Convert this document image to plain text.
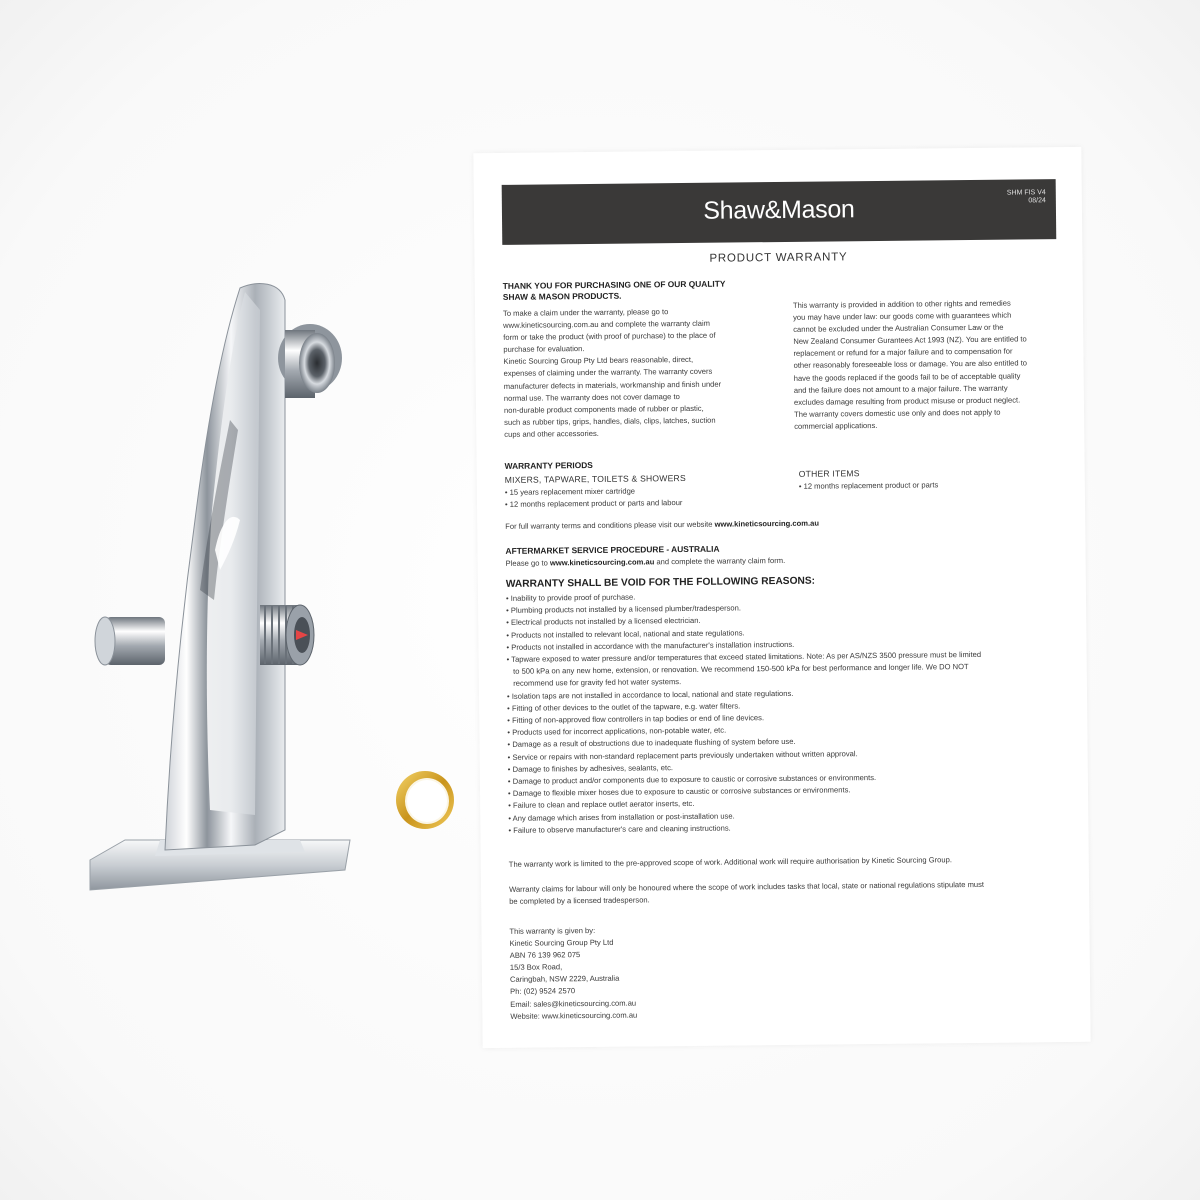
Shaw&Mason
SHM FIS V4
08/24
PRODUCT WARRANTY
THANK YOU FOR PURCHASING ONE OF OUR QUALITY
SHAW & MASON PRODUCTS.
To make a claim under the warranty, please go to
www.kineticsourcing.com.au and complete the warranty claim
form or take the product (with proof of purchase) to the place of
purchase for evaluation.
Kinetic Sourcing Group Pty Ltd bears reasonable, direct,
expenses of claiming under the warranty. The warranty covers
manufacturer defects in materials, workmanship and finish under
normal use. The warranty does not cover damage to
non-durable product components made of rubber or plastic,
such as rubber tips, grips, handles, dials, clips, latches, suction
cups and other accessories.
This warranty is provided in addition to other rights and remedies
you may have under law: our goods come with guarantees which
cannot be excluded under the Australian Consumer Law or the
New Zealand Consumer Gurantees Act 1993 (NZ). You are entitled to
replacement or refund for a major failure and to compensation for
other reasonably foreseeable loss or damage. You are also entitled to
have the goods replaced if the goods fail to be of acceptable quality
and the failure does not amount to a major failure. The warranty
excludes damage resulting from product misuse or product neglect.
The warranty covers domestic use only and does not apply to
commercial applications.
WARRANTY PERIODS
MIXERS, TAPWARE, TOILETS & SHOWERS
• 15 years replacement mixer cartridge
• 12 months replacement product or parts and labour
OTHER ITEMS
• 12 months replacement product or parts
For full warranty terms and conditions please visit our website www.kineticsourcing.com.au
AFTERMARKET SERVICE PROCEDURE - AUSTRALIA
Please go to www.kineticsourcing.com.au and complete the warranty claim form.
WARRANTY SHALL BE VOID FOR THE FOLLOWING REASONS:
• Inability to provide proof of purchase.
• Plumbing products not installed by a licensed plumber/tradesperson.
• Electrical products not installed by a licensed electrician.
• Products not installed to relevant local, national and state regulations.
• Products not installed in accordance with the manufacturer's installation instructions.
• Tapware exposed to water pressure and/or temperatures that exceed stated limitations. Note: As per AS/NZS 3500 pressure must be limited
to 500 kPa on any new home, extension, or renovation. We recommend 150-500 kPa for best performance and longer life. We DO NOT
recommend use for gravity fed hot water systems.
• Isolation taps are not installed in accordance to local, national and state regulations.
• Fitting of other devices to the outlet of the tapware, e.g. water filters.
• Fitting of non-approved flow controllers in tap bodies or end of line devices.
• Products used for incorrect applications, non-potable water, etc.
• Damage as a result of obstructions due to inadequate flushing of system before use.
• Service or repairs with non-standard replacement parts previously undertaken without written approval.
• Damage to finishes by adhesives, sealants, etc.
• Damage to product and/or components due to exposure to caustic or corrosive substances or environments.
• Damage to flexible mixer hoses due to exposure to caustic or corrosive substances or environments.
• Failure to clean and replace outlet aerator inserts, etc.
• Any damage which arises from installation or post-installation use.
• Failure to observe manufacturer's care and cleaning instructions.
The warranty work is limited to the pre-approved scope of work. Additional work will require authorisation by Kinetic Sourcing Group.
Warranty claims for labour will only be honoured where the scope of work includes tasks that local, state or national regulations stipulate must
be completed by a licensed tradesperson.
This warranty is given by:
Kinetic Sourcing Group Pty Ltd
ABN 76 139 962 075
15/3 Box Road,
Caringbah, NSW 2229, Australia
Ph: (02) 9524 2570
Email: sales@kineticsourcing.com.au
Website: www.kineticsourcing.com.au
